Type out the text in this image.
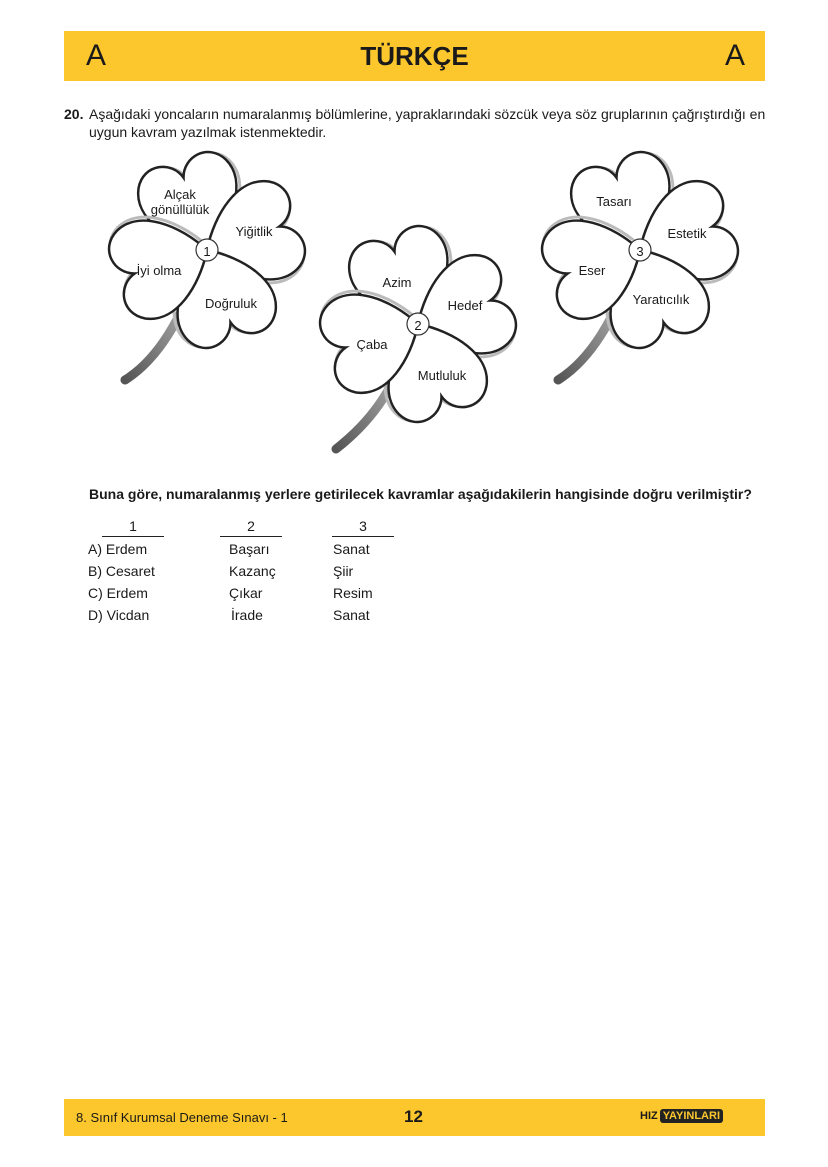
A	TÜRKÇE	A
20. Aşağıdaki yoncaların numaralanmış bölümlerine, yapraklarındaki sözcük veya söz gruplarının çağrıştırdığı en uygun kavram yazılmak istenmektedir.
1
Alçak gönüllülük
Yiğitlik
İyi olma
Doğruluk
2
Azim
Hedef
Çaba
Mutluluk
3
Tasarı
Estetik
Eser
Yaratıcılık
Buna göre, numaralanmış yerlere getirilecek kavramlar aşağıdakilerin hangisinde doğru verilmiştir?
1	2	3
A) Erdem	Başarı	Sanat
B) Cesaret	Kazanç	Şiir
C) Erdem	Çıkar	Resim
D) Vicdan	İrade	Sanat
8. Sınıf Kurumsal Deneme Sınavı - 1	12	HIZ YAYINLARI
